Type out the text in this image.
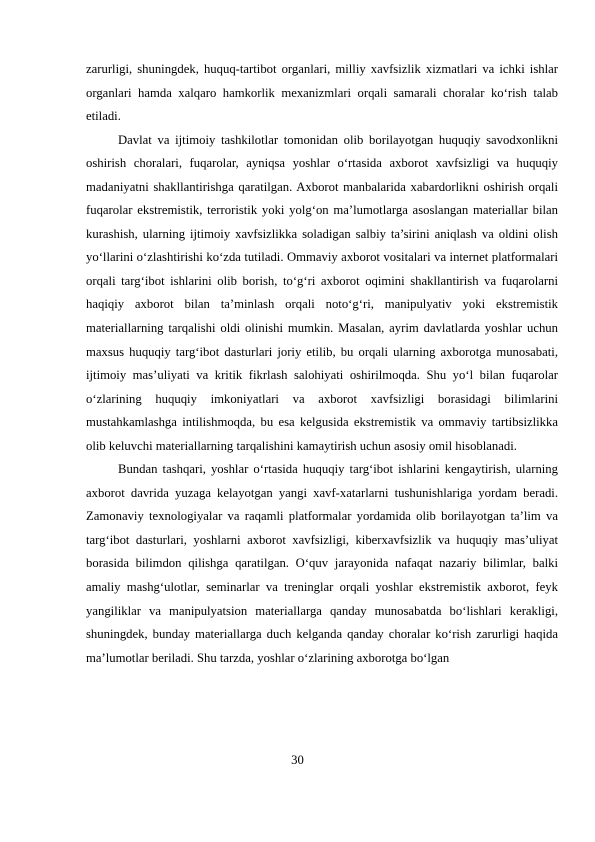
zarurligi, shuningdek, huquq-tartibot organlari, milliy xavfsizlik xizmatlari va ichki ishlar organlari hamda xalqaro hamkorlik mexanizmlari orqali samarali choralar ko‘rish talab etiladi.

Davlat va ijtimoiy tashkilotlar tomonidan olib borilayotgan huquqiy savodxonlikni oshirish choralari, fuqarolar, ayniqsa yoshlar o‘rtasida axborot xavfsizligi va huquqiy madaniyatni shakllantirishga qaratilgan. Axborot manbalarida xabardorlikni oshirish orqali fuqarolar ekstremistik, terroristik yoki yolg‘on ma’lumotlarga asoslangan materiallar bilan kurashish, ularning ijtimoiy xavfsizlikka soladigan salbiy ta’sirini aniqlash va oldini olish yo‘llarini o‘zlashtirishi ko‘zda tutiladi. Ommaviy axborot vositalari va internet platformalari orqali targ‘ibot ishlarini olib borish, to‘g‘ri axborot oqimini shakllantirish va fuqarolarni haqiqiy axborot bilan ta’minlash orqali noto‘g‘ri, manipulyativ yoki ekstremistik materiallarning tarqalishi oldi olinishi mumkin. Masalan, ayrim davlatlarda yoshlar uchun maxsus huquqiy targ‘ibot dasturlari joriy etilib, bu orqali ularning axborotga munosabati, ijtimoiy mas’uliyati va kritik fikrlash salohiyati oshirilmoqda. Shu yo‘l bilan fuqarolar o‘zlarining huquqiy imkoniyatlari va axborot xavfsizligi borasidagi bilimlarini mustahkamlashga intilishmoqda, bu esa kelgusida ekstremistik va ommaviy tartibsizlikka olib keluvchi materiallarning tarqalishini kamaytirish uchun asosiy omil hisoblanadi.

Bundan tashqari, yoshlar o‘rtasida huquqiy targ‘ibot ishlarini kengaytirish, ularning axborot davrida yuzaga kelayotgan yangi xavf-xatarlarni tushunishlariga yordam beradi. Zamonaviy texnologiyalar va raqamli platformalar yordamida olib borilayotgan ta’lim va targ‘ibot dasturlari, yoshlarni axborot xavfsizligi, kiberxavfsizlik va huquqiy mas’uliyat borasida bilimdon qilishga qaratilgan. O‘quv jarayonida nafaqat nazariy bilimlar, balki amaliy mashg‘ulotlar, seminarlar va treninglar orqali yoshlar ekstremistik axborot, feyk yangiliklar va manipulyatsion materiallarga qanday munosabatda bo‘lishlari kerakligi, shuningdek, bunday materiallarga duch kelganda qanday choralar ko‘rish zarurligi haqida ma’lumotlar beriladi. Shu tarzda, yoshlar o‘zlarining axborotga bo‘lgan

30
